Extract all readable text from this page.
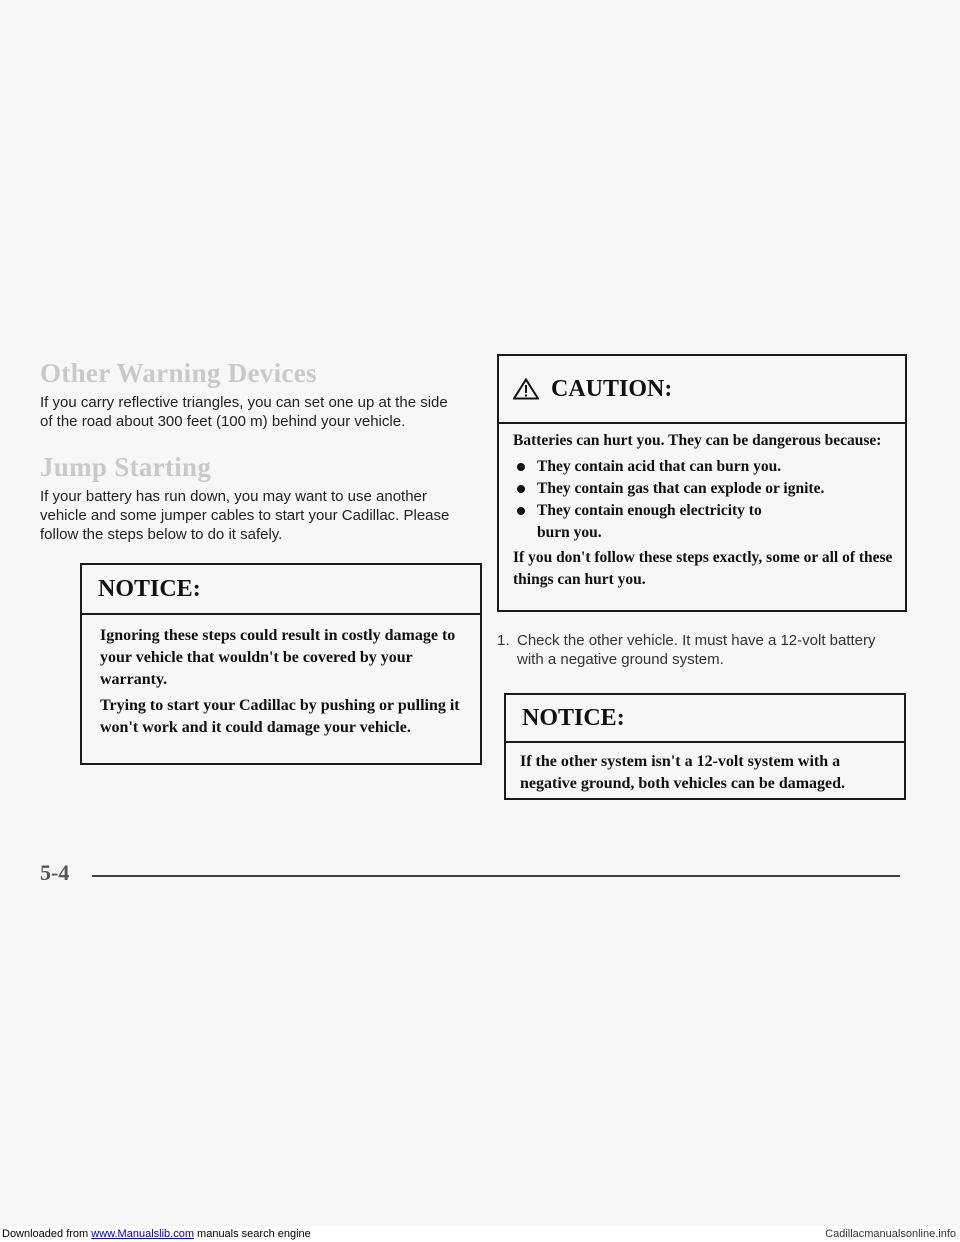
Other Warning Devices

If you carry reflective triangles, you can set one up at the side of the road about 300 feet (100 m) behind your vehicle.

Jump Starting

If your battery has run down, you may want to use another vehicle and some jumper cables to start your Cadillac. Please follow the steps below to do it safely.

NOTICE:

Ignoring these steps could result in costly damage to your vehicle that wouldn't be covered by your warranty.

Trying to start your Cadillac by pushing or pulling it won't work and it could damage your vehicle.

CAUTION:

Batteries can hurt you. They can be dangerous because:

They contain acid that can burn you.
They contain gas that can explode or ignite.
They contain enough electricity to burn you.

If you don't follow these steps exactly, some or all of these things can hurt you.

1. Check the other vehicle. It must have a 12-volt battery with a negative ground system.
NOTICE:

If the other system isn't a 12-volt system with a negative ground, both vehicles can be damaged.

5-4
Downloaded from www.Manualslib.com manuals search engine	Cadillacmanualsonline.info
